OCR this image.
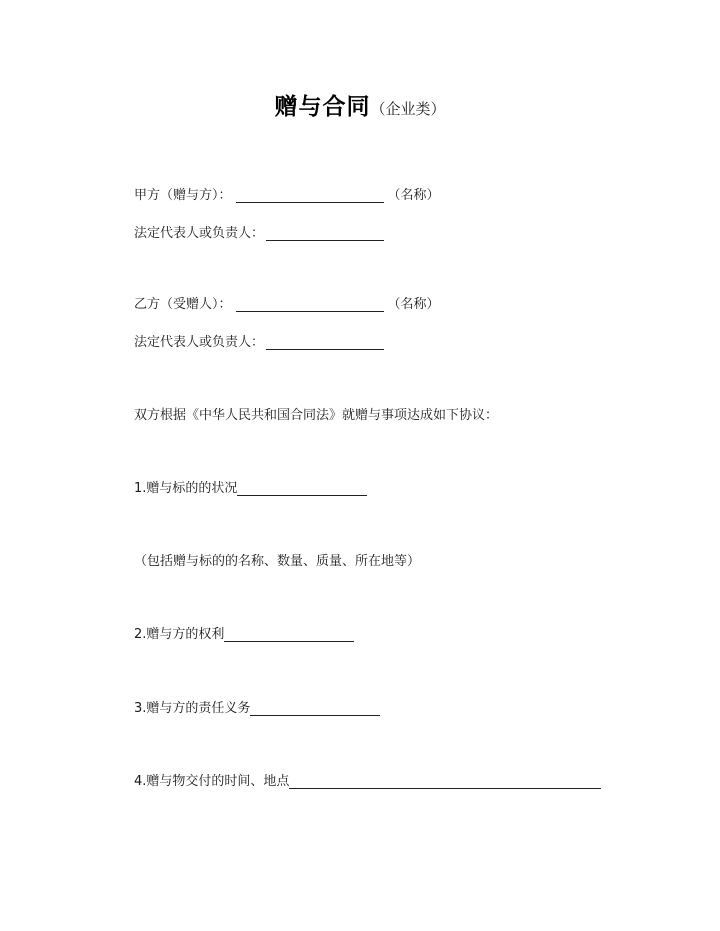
赠与合同（企业类）
甲方（赠与方）：	（名称）
法定代表人或负责人：
乙方（受赠人）：	（名称）
法定代表人或负责人：
双方根据《中华人民共和国合同法》就赠与事项达成如下协议：
1.赠与标的的状况
（包括赠与标的的名称、数量、质量、所在地等）
2.赠与方的权利
3.赠与方的责任义务
4.赠与物交付的时间、地点
